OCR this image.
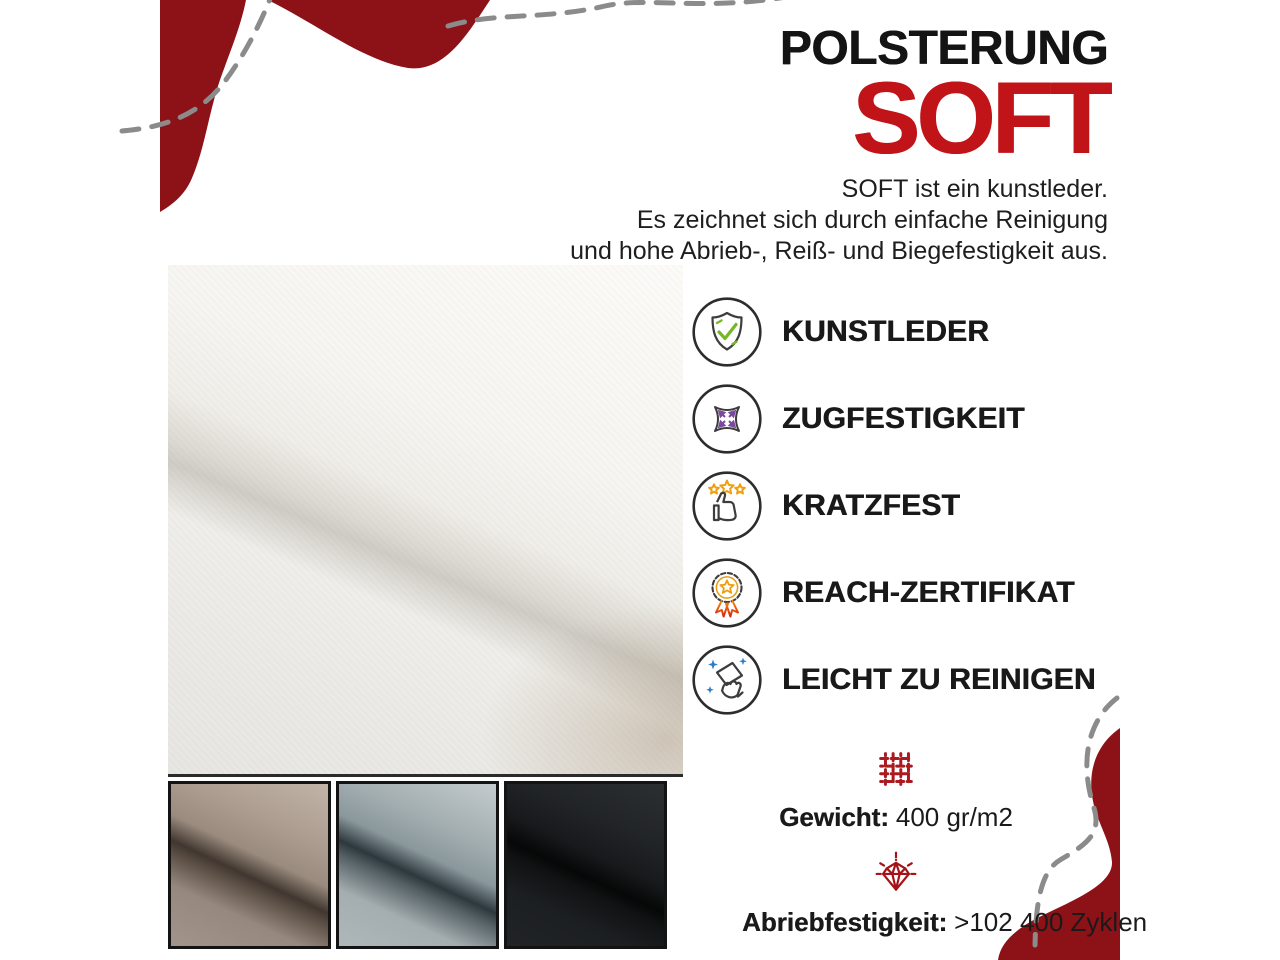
POLSTERUNG
SOFT

SOFT ist ein kunstleder.

Es zeichnet sich durch einfache Reinigung

und hohe Abrieb-, Reiß- und Biegefestigkeit aus.

KUNSTLEDER
ZUGFESTIGKEIT
KRATZFEST
REACH-ZERTIFIKAT
LEICHT ZU REINIGEN

Gewicht: 400 gr/m2

Abriebfestigkeit: >102 400 Zyklen
